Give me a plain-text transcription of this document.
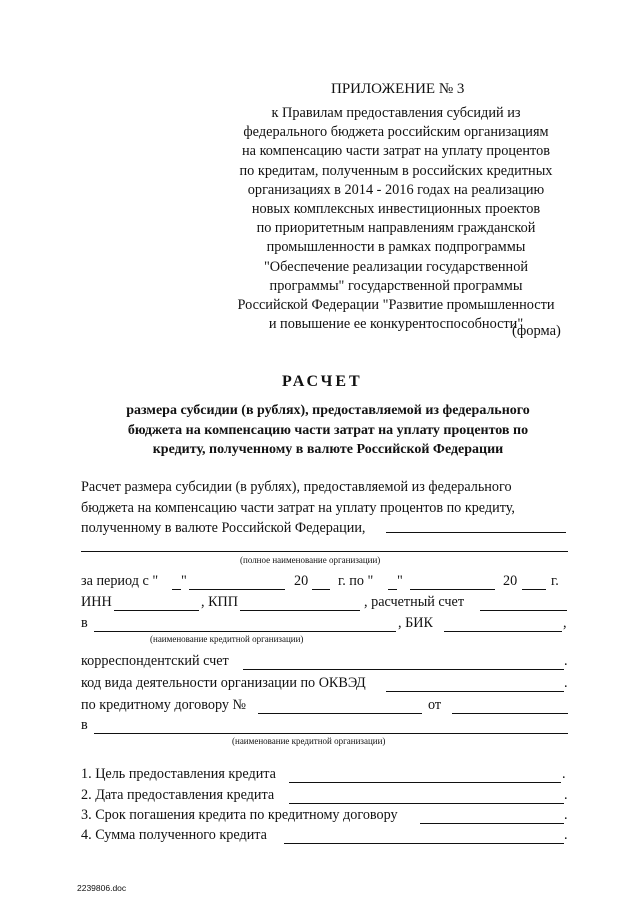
ПРИЛОЖЕНИЕ № 3
к Правилам предоставления субсидий из
федерального бюджета российским организациям
на компенсацию части затрат на уплату процентов
по кредитам, полученным в российских кредитных
организациях в 2014 - 2016 годах на реализацию
новых комплексных инвестиционных проектов
по приоритетным направлениям гражданской
промышленности в рамках подпрограммы
"Обеспечение реализации государственной
программы" государственной программы
Российской Федерации "Развитие промышленности
и повышение ее конкурентоспособности"
(форма)
РАСЧЕТ
размера субсидии (в рублях), предоставляемой из федерального
бюджета на компенсацию части затрат на уплату процентов по
кредиту, полученному в валюте Российской Федерации
Расчет размера субсидии (в рублях), предоставляемой из федерального
бюджета на компенсацию части затрат на уплату процентов по кредиту,
полученному в валюте Российской Федерации,
(полное наименование организации)
за период с " "	20 г. по " "	20 г.
ИНН	, КПП	, расчетный счет
в	, БИК	,
(наименование кредитной организации)
корреспондентский счет	.
код вида деятельности организации по ОКВЭД	.
по кредитному договору №	от
в
(наименование кредитной организации)
1. Цель предоставления кредита	.
2. Дата предоставления кредита	.
3. Срок погашения кредита по кредитному договору	.
4. Сумма полученного кредита	.
2239806.doc
